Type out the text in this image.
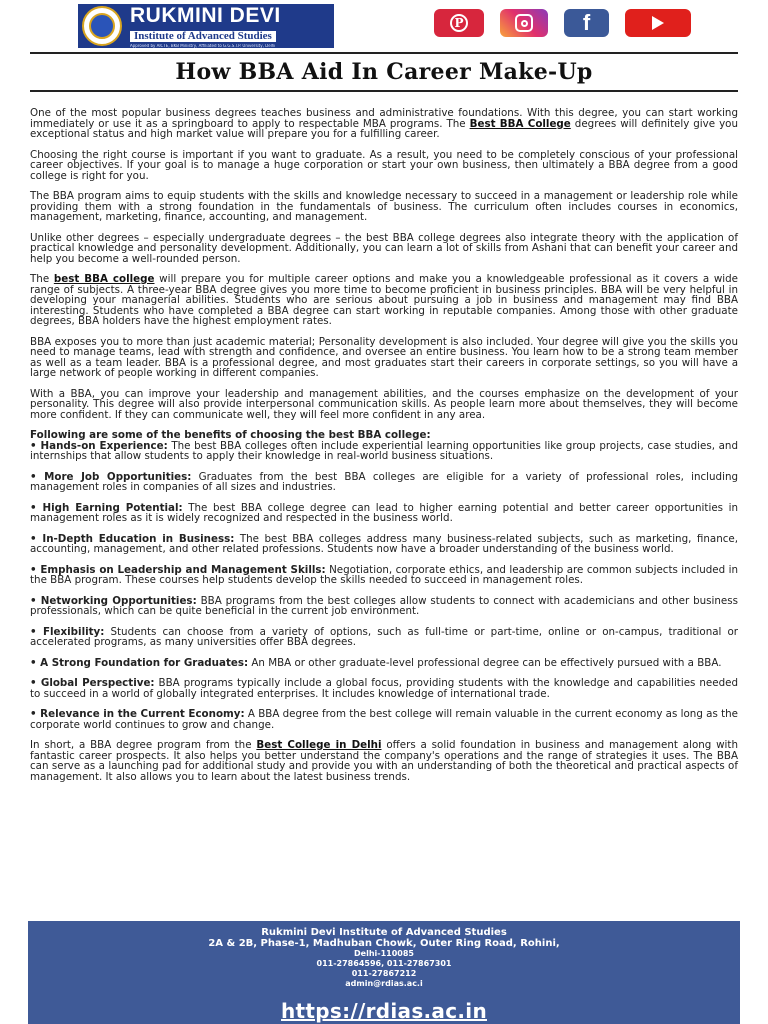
RUKMINI DEVI
Institute of Advanced Studies
Approved by AICTE, BKB Ministry, Affiliated to G.G.S.I.P. University, Delhi
P	f
How BBA Aid In Career Make-Up

One of the most popular business degrees teaches business and administrative foundations. With this degree, you can start working immediately or use it as a springboard to apply to respectable MBA programs. The Best BBA College degrees will definitely give you exceptional status and high market value will prepare you for a fulfilling career.

Choosing the right course is important if you want to graduate. As a result, you need to be completely conscious of your professional career objectives. If your goal is to manage a huge corporation or start your own business, then ultimately a BBA degree from a good college is right for you.

The BBA program aims to equip students with the skills and knowledge necessary to succeed in a management or leadership role while providing them with a strong foundation in the fundamentals of business. The curriculum often includes courses in economics, management, marketing, finance, accounting, and management.

Unlike other degrees – especially undergraduate degrees – the best BBA college degrees also integrate theory with the application of practical knowledge and personality development. Additionally, you can learn a lot of skills from Ashani that can benefit your career and help you become a well-rounded person.

The best BBA college will prepare you for multiple career options and make you a knowledgeable professional as it covers a wide range of subjects. A three-year BBA degree gives you more time to become proficient in business principles. BBA will be very helpful in developing your managerial abilities. Students who are serious about pursuing a job in business and management may find BBA interesting. Students who have completed a BBA degree can start working in reputable companies. Among those with other graduate degrees, BBA holders have the highest employment rates.

BBA exposes you to more than just academic material; Personality development is also included. Your degree will give you the skills you need to manage teams, lead with strength and confidence, and oversee an entire business. You learn how to be a strong team member as well as a team leader. BBA is a professional degree, and most graduates start their careers in corporate settings, so you will have a large network of people working in different companies.

With a BBA, you can improve your leadership and management abilities, and the courses emphasize on the development of your personality. This degree will also provide interpersonal communication skills. As people learn more about themselves, they will become more confident. If they can communicate well, they will feel more confident in any area.

Following are some of the benefits of choosing the best BBA college:

• Hands-on Experience: The best BBA colleges often include experiential learning opportunities like group projects, case studies, and internships that allow students to apply their knowledge in real-world business situations.

• More Job Opportunities: Graduates from the best BBA colleges are eligible for a variety of professional roles, including management roles in companies of all sizes and industries.

• High Earning Potential: The best BBA college degree can lead to higher earning potential and better career opportunities in management roles as it is widely recognized and respected in the business world.

• In-Depth Education in Business: The best BBA colleges address many business-related subjects, such as marketing, finance, accounting, management, and other related professions. Students now have a broader understanding of the business world.

• Emphasis on Leadership and Management Skills: Negotiation, corporate ethics, and leadership are common subjects included in the BBA program. These courses help students develop the skills needed to succeed in management roles.

• Networking Opportunities: BBA programs from the best colleges allow students to connect with academicians and other business professionals, which can be quite beneficial in the current job environment.

• Flexibility: Students can choose from a variety of options, such as full-time or part-time, online or on-campus, traditional or accelerated programs, as many universities offer BBA degrees.

• A Strong Foundation for Graduates: An MBA or other graduate-level professional degree can be effectively pursued with a BBA.

• Global Perspective: BBA programs typically include a global focus, providing students with the knowledge and capabilities needed to succeed in a world of globally integrated enterprises. It includes knowledge of international trade.

• Relevance in the Current Economy: A BBA degree from the best college will remain valuable in the current economy as long as the corporate world continues to grow and change.

In short, a BBA degree program from the Best College in Delhi offers a solid foundation in business and management along with fantastic career prospects. It also helps you better understand the company's operations and the range of strategies it uses. The BBA can serve as a launching pad for additional study and provide you with an understanding of both the theoretical and practical aspects of management. It also allows you to learn about the latest business trends.

Rukmini Devi Institute of Advanced Studies
2A & 2B, Phase-1, Madhuban Chowk, Outer Ring Road, Rohini,
Delhi-110085
011-27864596, 011-27867301
011-27867212
admin@rdias.ac.i
https://rdias.ac.in
